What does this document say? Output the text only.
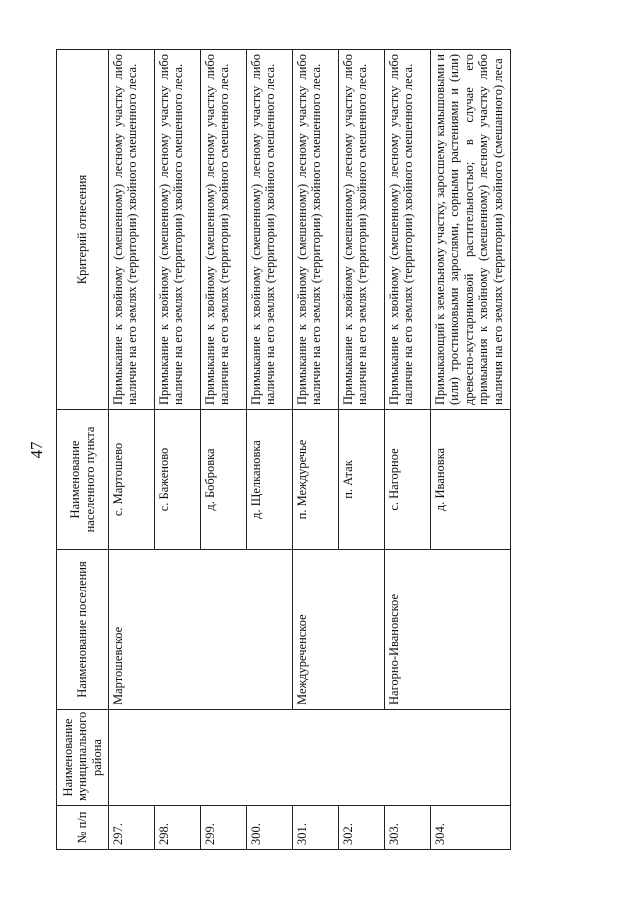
47
№ п/п	Наименование муниципального района	Наименование поселения	Наименование населенного пункта	Критерий отнесения
297.		Мартошевское	с. Мартошево	Примыкание к хвойному (смешенному) лесному участку либо наличие на его землях (территории) хвойного смешенного леса.
298.			с. Баженово	Примыкание к хвойному (смешенному) лесному участку либо наличие на его землях (территории) хвойного смешенного леса.
299.			д. Бобровка	Примыкание к хвойному (смешенному) лесному участку либо наличие на его землях (территории) хвойного смешенного леса.
300.			д. Щелкановка	Примыкание к хвойному (смешенному) лесному участку либо наличие на его землях (территории) хвойного смешенного леса.
301.		Междуреченское	п. Междуречье	Примыкание к хвойному (смешенному) лесному участку либо наличие на его землях (территории) хвойного смешенного леса.
302.			п. Атак	Примыкание к хвойному (смешенному) лесному участку либо наличие на его землях (территории) хвойного смешенного леса.
303.		Нагорно-Ивановское	с. Нагорное	Примыкание к хвойному (смешенному) лесному участку либо наличие на его землях (территории) хвойного смешенного леса.
304.			д. Ивановка	Примыкающий к земельному участку, заросшему камышовыми и (или) тростниковыми зарослями, сорными растениями и (или) древесно-кустарниковой растительностью; в случае его примыкания к хвойному (смешенному) лесному участку либо наличия на его землях (территории) хвойного (смешанного) леса
